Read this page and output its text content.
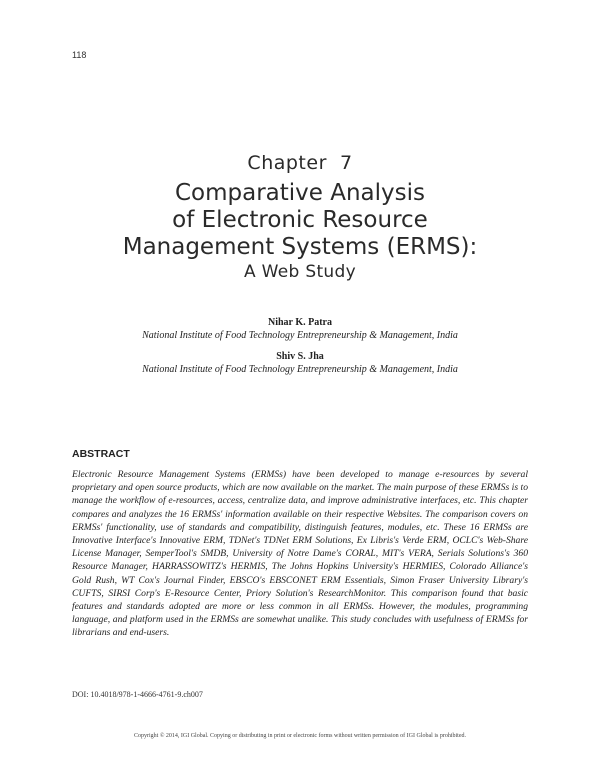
118
Chapter  7
Comparative Analysis
of Electronic Resource
Management Systems (ERMS):
A Web Study
Nihar K. Patra
National Institute of Food Technology Entrepreneurship & Management, India
Shiv S. Jha
National Institute of Food Technology Entrepreneurship & Management, India
ABSTRACT

Electronic Resource Management Systems (ERMSs) have been developed to manage e-resources by several proprietary and open source products, which are now available on the market. The main purpose of these ERMSs is to manage the workflow of e-resources, access, centralize data, and improve administrative interfaces, etc. This chapter compares and analyzes the 16 ERMSs' information available on their respective Websites. The comparison covers on ERMSs' functionality, use of standards and compatibility, distinguish features, modules, etc. These 16 ERMSs are Innovative Interface's Innovative ERM, TDNet's TDNet ERM Solutions, Ex Libris's Verde ERM, OCLC's Web-Share License Manager, SemperTool's SMDB, University of Notre Dame's CORAL, MIT's VERA, Serials Solutions's 360 Resource Manager, HARRASSOWITZ's HERMIS, The Johns Hopkins University's HERMIES, Colorado Alliance's Gold Rush, WT Cox's Journal Finder, EBSCO's EBSCONET ERM Essentials, Simon Fraser University Library's CUFTS, SIRSI Corp's E-Resource Center, Priory Solution's ResearchMonitor. This comparison found that basic features and standards adopted are more or less common in all ERMSs. However, the modules, programming language, and platform used in the ERMSs are somewhat unalike. This study concludes with usefulness of ERMSs for librarians and end-users.

DOI: 10.4018/978-1-4666-4761-9.ch007
Copyright © 2014, IGI Global. Copying or distributing in print or electronic forms without written permission of IGI Global is prohibited.
